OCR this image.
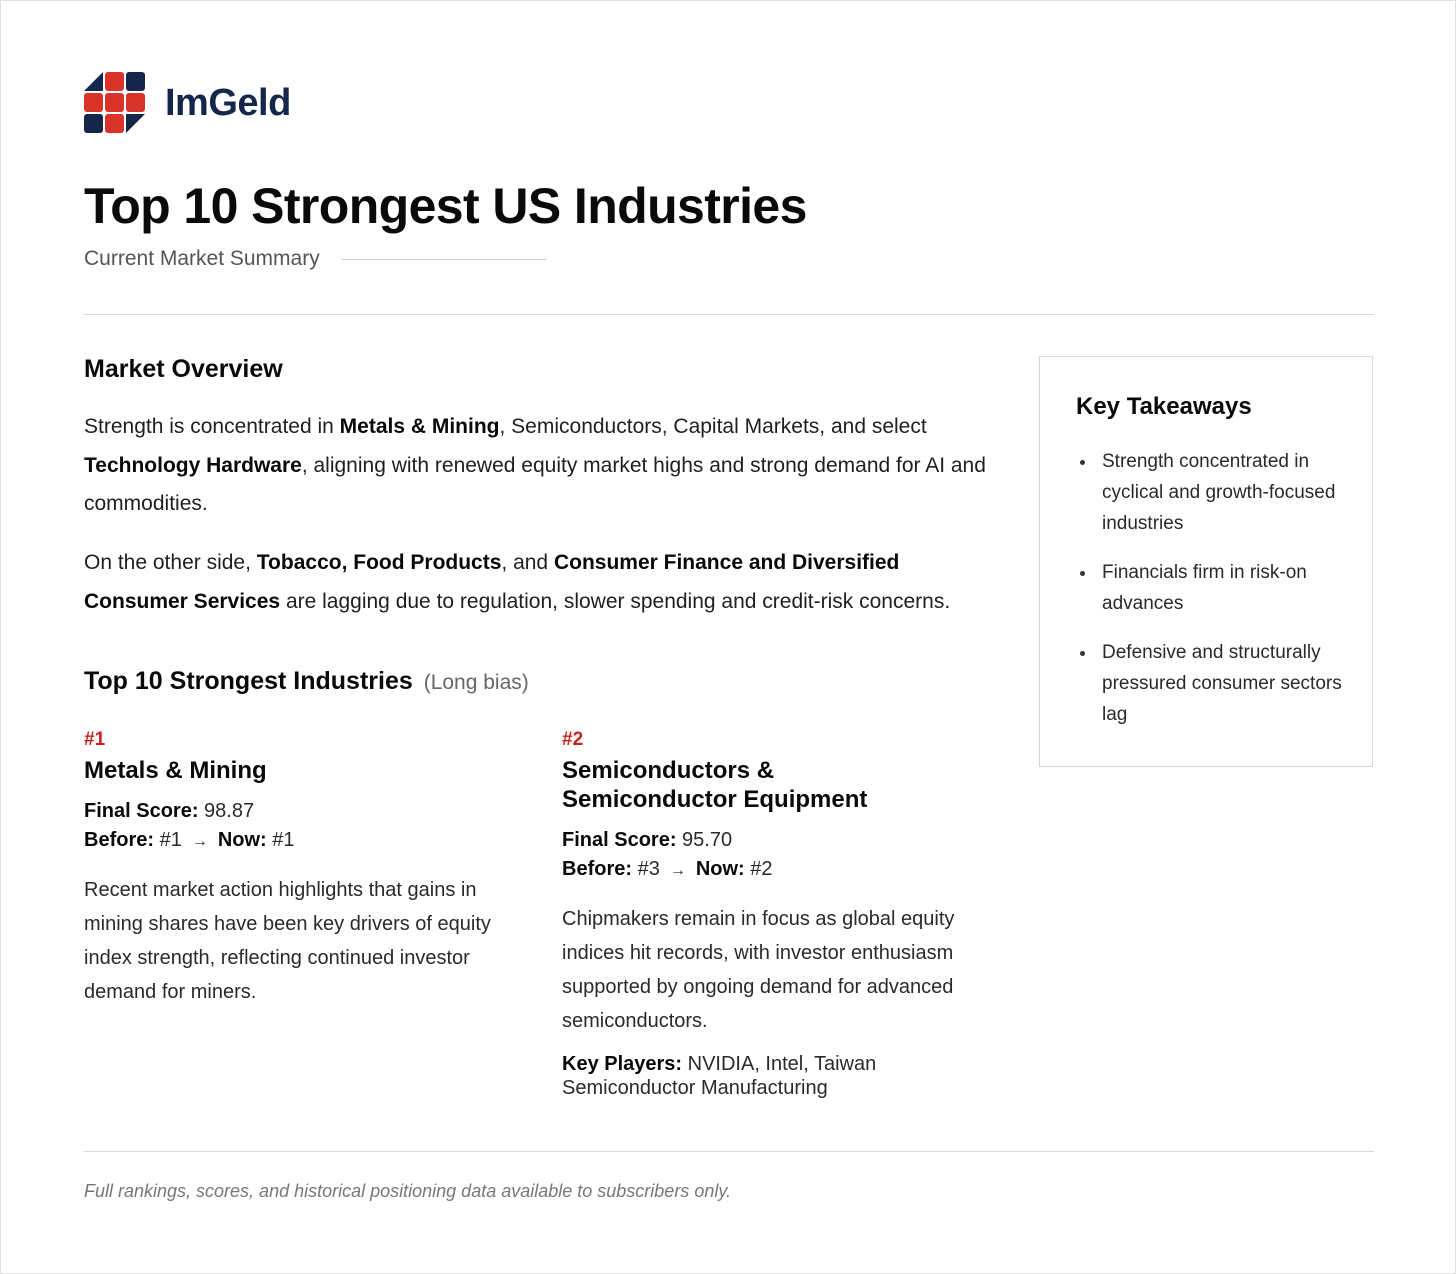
ImGeld
Top 10 Strongest US Industries
Current Market Summary
Market Overview

Strength is concentrated in Metals & Mining, Semiconductors, Capital Markets, and select Technology Hardware, aligning with renewed equity market highs and strong demand for AI and commodities.

On the other side, Tobacco, Food Products, and Consumer Finance and Diversified Consumer Services are lagging due to regulation, slower spending and credit-risk concerns.

Top 10 Strongest Industries (Long bias)
#1
Metals & Mining
Final Score: 98.87
Before: #1 → Now: #1
Recent market action highlights that gains in mining shares have been key drivers of equity index strength, reflecting continued investor demand for miners.
#2
Semiconductors & Semiconductor Equipment
Final Score: 95.70
Before: #3 → Now: #2
Chipmakers remain in focus as global equity indices hit records, with investor enthusiasm supported by ongoing demand for advanced semiconductors.
Key Players: NVIDIA, Intel, Taiwan Semiconductor Manufacturing
Key Takeaways
Strength concentrated in cyclical and growth-focused industries
Financials firm in risk-on advances
Defensive and structurally pressured consumer sectors lag

Full rankings, scores, and historical positioning data available to subscribers only.
